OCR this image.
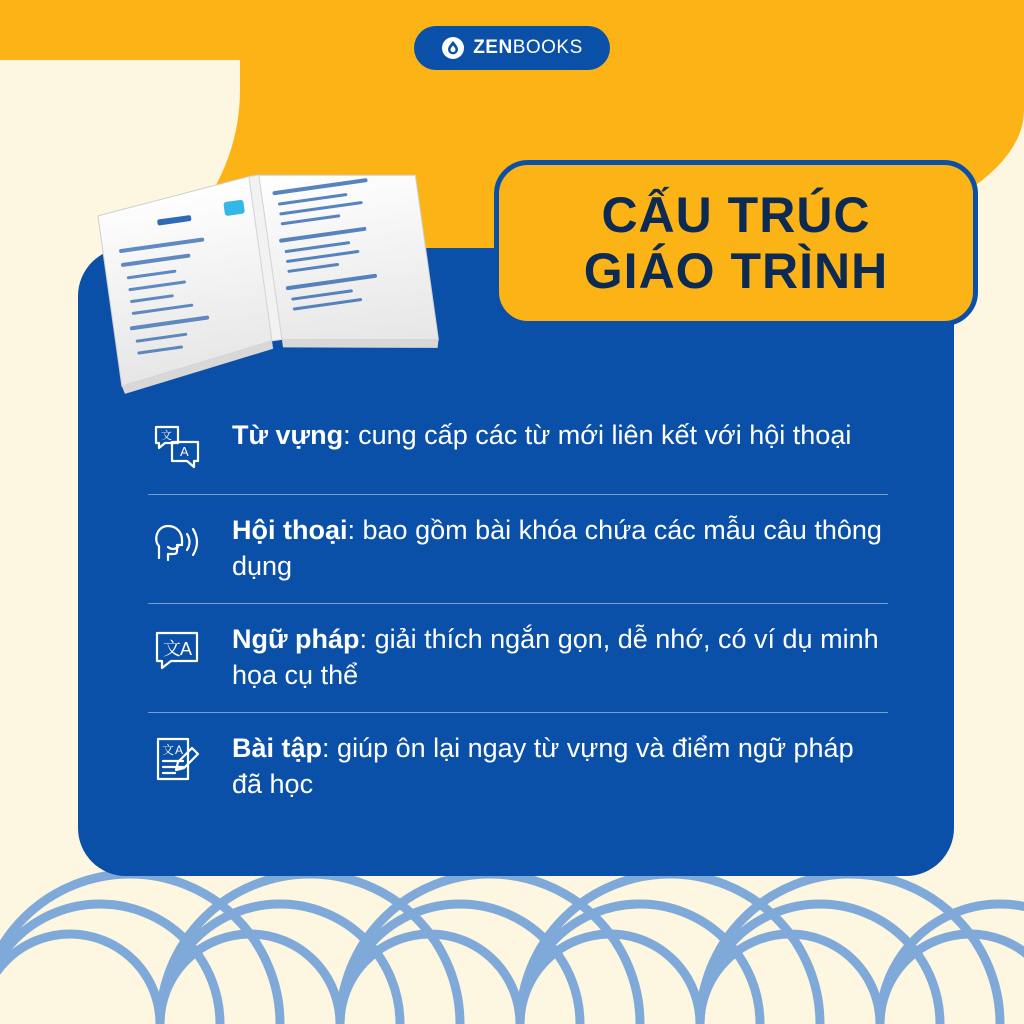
ZENBOOKS
CẤU TRÚC
GIÁO TRÌNH
文
A
Từ vựng: cung cấp các từ mới liên kết với hội thoại
Hội thoại: bao gồm bài khóa chứa các mẫu câu thông dụng
文 A Ngữ pháp: giải thích ngắn gọn, dễ nhớ, có ví dụ minh họa cụ thể
文 A Bài tập: giúp ôn lại ngay từ vựng và điểm ngữ pháp đã học
